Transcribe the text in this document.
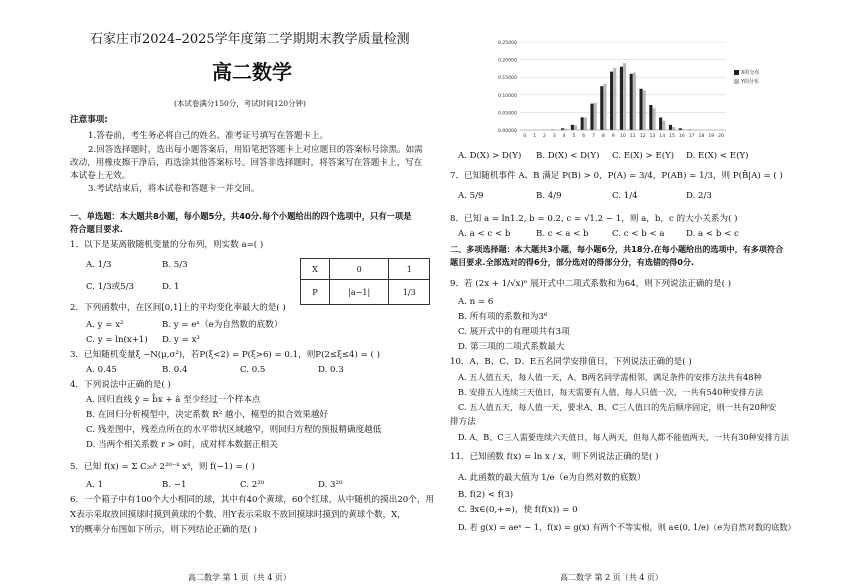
石家庄市2024–2025学年度第二学期期末教学质量检测
高二数学
(本试卷满分150分，考试时间120分钟)
注意事项:
1.答卷前，考生务必将自己的姓名、准考证号填写在答题卡上。
2.回答选择题时，选出每小题答案后，用铅笔把答题卡上对应题目的答案标号涂黑。如需
改动，用橡皮擦干净后，再选涂其他答案标号。回答非选择题时，将答案写在答题卡上，写在
本试卷上无效。
3.考试结束后，将本试卷和答题卡一并交回。
一、单选题：本大题共8小题，每小题5分，共40分.每个小题给出的四个选项中，只有一项是
符合题目要求.
1．以下是某离散随机变量的分布列，则实数 a=( )
A. 1/3	B. 5/3
C. 1/3或5/3	D. 1
X	0	1
P	|a−1|	1/3
2．下列函数中，在区间[0,1]上的平均变化率最大的是( )
A. y = x²	B. y = eˣ（e为自然数的底数）
C. y = ln(x+1) D. y = x³
3．已知随机变量ξ ~N(μ,σ²)，若P(ξ<2) = P(ξ>6) = 0.1，则P(2≤ξ≤4) = ( )
A. 0.45	B. 0.4	C. 0.5	D. 0.3
4．下列说法中正确的是( )
A. 回归直线 ŷ = b̂x + â 至少经过一个样本点
B. 在回归分析模型中，决定系数 R² 越小，模型的拟合效果越好
C. 残差图中，残差点所在的水平带状区域越窄，则回归方程的预报精确度越低
D. 当两个相关系数 r > 0时，成对样本数据正相关
5．已知 f(x) = Σ C₂₀ᵏ 2²⁰⁻ᵏ xᵏ，则 f(−1) = ( )
A. 1	B. −1	C. 2²⁰	D. 3²⁰
6．一个箱子中有100个大小相同的球，其中有40个黄球，60个红球，从中随机的摸出20个，用
X表示采取放回摸球时摸到黄球的个数，用Y表示采取不放回摸球时摸到的黄球个数，X，
Y的概率分布图如下所示，则下列结论正确的是( )
高二数学 第 1 页（共 4 页）
0.00000
0.05000
0.10000
0.15000
0.20000
0.25000
0 1 2 3 4 5 6 7 8 9 10 11 12 13 14 15 16 17 18 19 20
X的分布
Y的分布
A. D(X) > D(Y) B. D(X) < D(Y) C. E(X) > E(Y) D. E(X) < E(Y)
7．已知随机事件 A、B 满足 P(B) > 0，P(A) = 3/4，P(AB) = 1/3，则 P(B̄|A) = ( )
A. 5/9	B. 4/9	C. 1/4	D. 2/3
8．已知 a = ln1.2, b = 0.2, c = √1.2 − 1，则 a，b，c 的大小关系为( )
A. a < c < b	B. c < a < b	C. c < b < a	D. a < b < c
二、多项选择题：本大题共3小题，每小题6分，共18分.在每小题给出的选项中，有多项符合
题目要求.全部选对的得6分，部分选对的得部分分，有选错的得0分.
9．若 (2x + 1/√x)ⁿ 展开式中二项式系数和为64，则下列说法正确的是( )
A. n = 6
B. 所有项的系数和为3⁶
C. 展开式中的有理项共有3项
D. 第三项的二项式系数最大
10．A、B、C、D、E五名同学安排值日，下列说法正确的是( )
A. 五人值五天，每人值一天，A、B两名同学需相邻，满足条件的安排方法共有48种
B. 安排五人连续三天值日，每天需要有人值，每人只值一次，一共有540种安排方法
C. 五人值五天，每人值一天，要求A、B、C三人值日的先后顺序固定，则一共有20种安
排方法
D. A、B、C三人需要连续六天值日，每人两天，但每人都不能值两天，一共有30种安排方法
11．已知函数 f(x) = ln x / x，则下列说法正确的是( )
A. 此函数的最大值为 1/e（e为自然对数的底数）
B. f(2) < f(3)
C. ∃x∈(0,+∞)，使 f(f(x)) = 0
D. 若 g(x) = aeˣ − 1，f(x) = g(x) 有两个不等实根，则 a∈(0, 1/e)（e为自然对数的底数）
高二数学 第 2 页（共 4 页）
